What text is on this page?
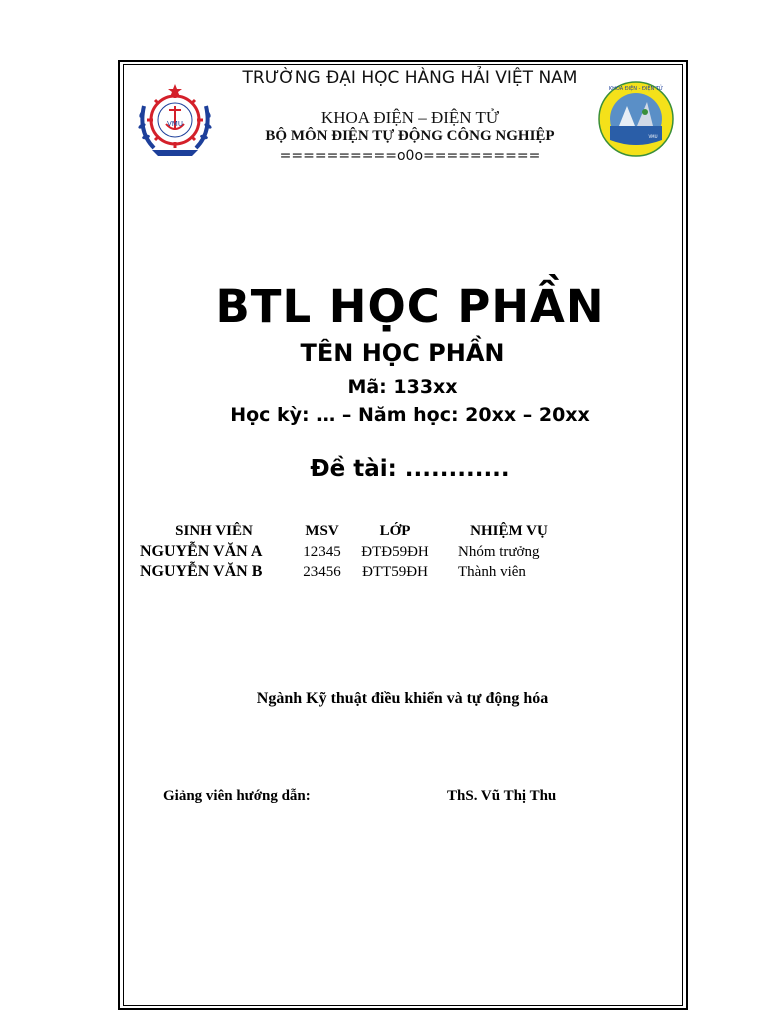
VMU
KHOA ĐIỆN - ĐIỆN TỬ
VMU
TRƯỜNG ĐẠI HỌC HÀNG HẢI VIỆT NAM
KHOA ĐIỆN – ĐIỆN TỬ
BỘ MÔN ĐIỆN TỰ ĐỘNG CÔNG NGHIỆP
==========o0o==========
BTL HỌC PHẦN
TÊN HỌC PHẦN
Mã: 133xx
Học kỳ: … – Năm học: 20xx – 20xx
Đề tài: ............
SINH VIÊN	MSV	LỚP	NHIỆM VỤ
NGUYỄN VĂN A	12345	ĐTĐ59ĐH	Nhóm trưởng
NGUYỄN VĂN B	23456	ĐTT59ĐH	Thành viên
Ngành Kỹ thuật điều khiển và tự động hóa
Giảng viên hướng dẫn:	ThS. Vũ Thị Thu
